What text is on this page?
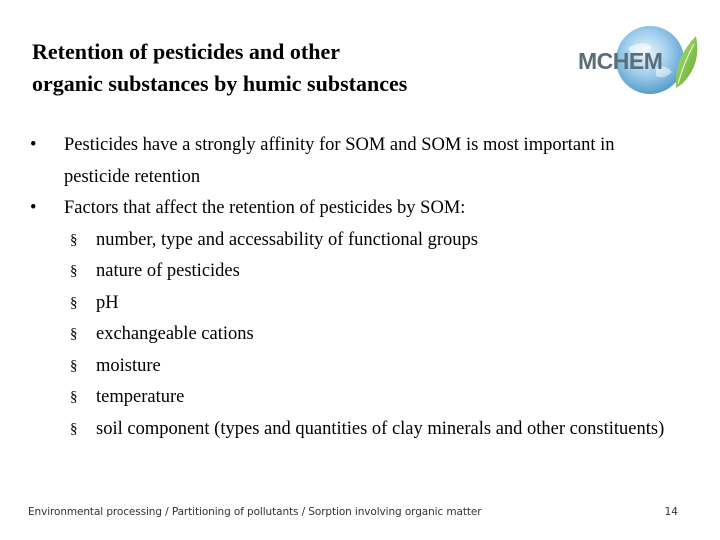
Retention of pesticides and other
organic substances by humic substances
MCHEM

•	Pesticides have a strongly affinity for SOM and SOM is most important in pesticide retention

•	Factors that affect the retention of pesticides by SOM:

§ number, type and accessability of functional groups

§ nature of pesticides

§ pH

§ exchangeable cations

§ moisture

§ temperature

§ soil component (types and quantities of clay minerals and other constituents)

Environmental processing / Partitioning of pollutants / Sorption involving organic matter	14
